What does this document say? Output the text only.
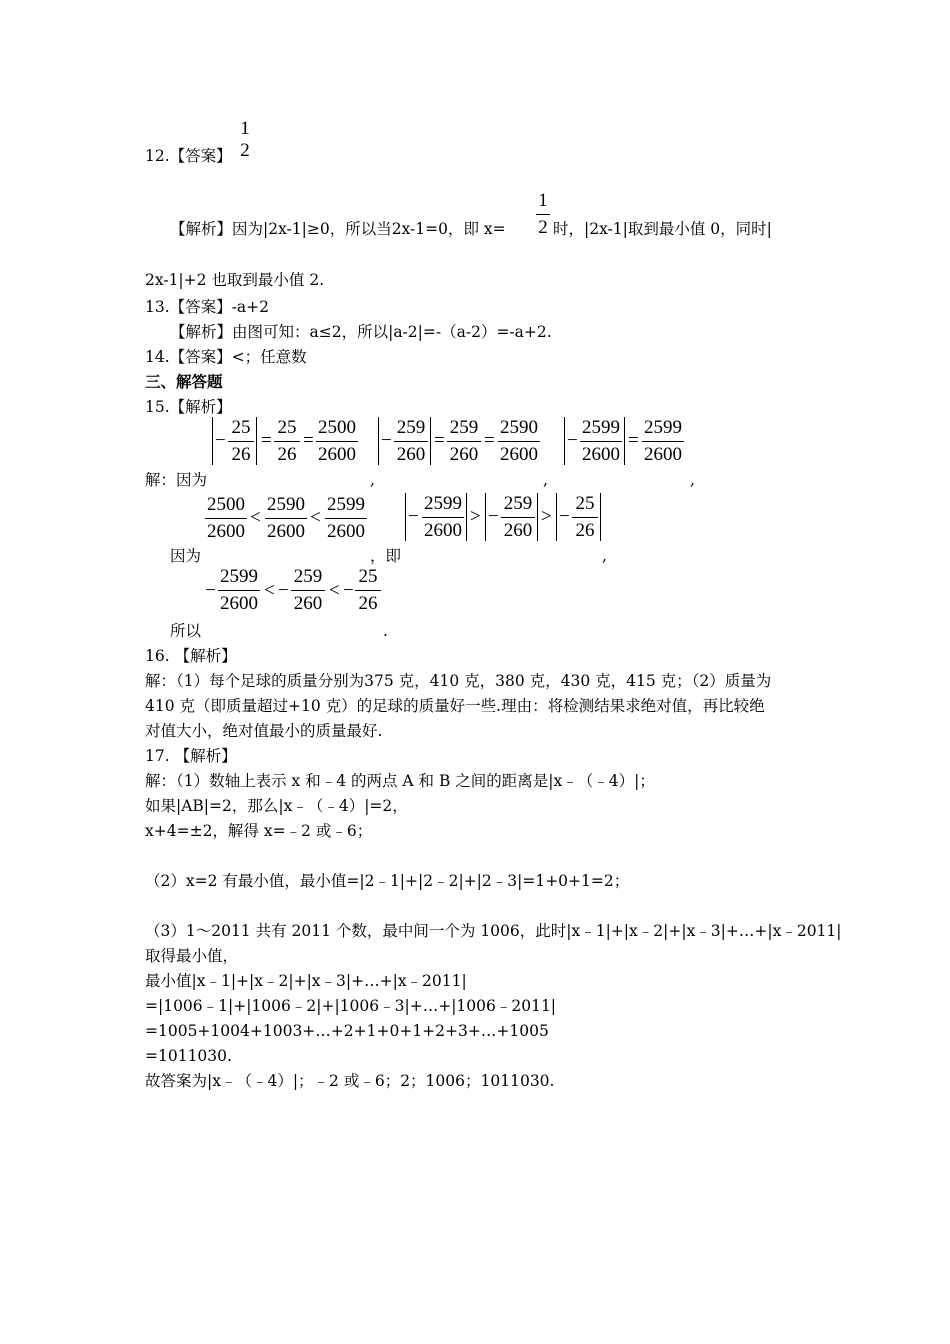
12.【答案】
1
2
【解析】因为|2x-1|≥0，所以当2x-1=0，即 x=
1
2 时，|2x-1|取到最小值 0，同时|
2x-1|+2 也取到最小值 2.
13.【答案】-a+2
【解析】由图可知：a≤2，所以|a-2|=-（a-2）=-a+2.
14.【答案】<；任意数
三、解答题
15.【解析】
−
25
26
=
25
26
=
2500
2600
−
259
260
=
259
260
=
2590
2600
−
2599
2600
=
2599
2600
解：因为	,	,	,
2500
2600
<
2590
2600
<
2599
2600
−
2599
2600
> −
259
260
> −
25
26
因为	，即	,
−
2599
2600
< −
259
260
< −
25
26
所以	.
16. 【解析】
解：（1）每个足球的质量分别为375 克，410 克，380 克，430 克，415 克；（2）质量为
410 克（即质量超过+10 克）的足球的质量好一些.理由：将检测结果求绝对值，再比较绝
对值大小，绝对值最小的质量最好.
17. 【解析】
解：（1）数轴上表示 x 和﹣4 的两点 A 和 B 之间的距离是|x﹣（﹣4）|；
如果|AB|=2，那么|x﹣（﹣4）|=2，
x+4=±2，解得 x=﹣2 或﹣6；
（2）x=2 有最小值，最小值=|2﹣1|+|2﹣2|+|2﹣3|=1+0+1=2；
（3）1～2011 共有 2011 个数，最中间一个为 1006，此时|x﹣1|+|x﹣2|+|x﹣3|+…+|x﹣2011|
取得最小值，
最小值|x﹣1|+|x﹣2|+|x﹣3|+…+|x﹣2011|
=|1006﹣1|+|1006﹣2|+|1006﹣3|+…+|1006﹣2011|
=1005+1004+1003+…+2+1+0+1+2+3+…+1005
=1011030.
故答案为|x﹣（﹣4）|；﹣2 或﹣6；2；1006；1011030.
